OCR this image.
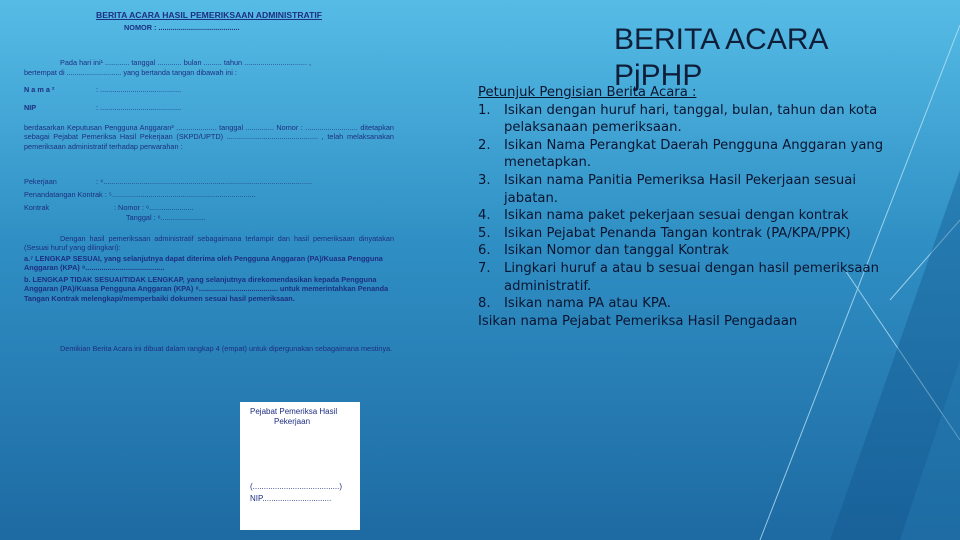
BERITA ACARA HASIL PEMERIKSAAN ADMINISTRATIF
NOMOR : ........................................
Pada hari ini¹ ............ tanggal ............ bulan ......... tahun ............................... ,
bertempat di ........................... yang bertanda tangan dibawah ini :
N a m a ²	: ........................................
NIP	: ........................................
berdasarkan Keputusan Pengguna Anggaran³ .................... tanggal .............. Nomor : .......................... ditetapkan sebagai Pejabat Pemeriksa Hasil Pekerjaan (SKPD/UPTD) ............................................. , telah melaksanakan pemeriksaan administratif terhadap perwarahan :
Pekerjaan	: ⁴.......................................................................................................
Penandatangan Kontrak : ⁵.......................................................................
Kontrak	: Nomor : ⁶......................
Tanggal : ⁶......................
Dengan hasil pemeriksaan administratif sebagaimana terlampir dan hasil pemeriksaan dinyatakan (Sesuai huruf yang dilingkari):
a.⁷ LENGKAP SESUAI, yang selanjutnya dapat diterima oleh Pengguna Anggaran (PA)/Kuasa Pengguna Anggaran (KPA) ⁸.......................................
b. LENGKAP TIDAK SESUAI/TIDAK LENGKAP, yang selanjutnya direkomendasikan kepada Pengguna Anggaran (PA)/Kuasa Pengguna Anggaran (KPA) ⁸....................................... untuk memerintahkan Penanda Tangan Kontrak melengkapi/memperbaiki dokumen sesuai hasil pemeriksaan.
Demikian Berita Acara ini dibuat dalam rangkap 4 (empat) untuk dipergunakan sebagaimana mestinya.
Pejabat Pemeriksa Hasil
Pekerjaan
(.......................................)
NIP...............................
BERITA ACARA
PjPHP
Petunjuk Pengisian Berita Acara :
1. Isikan dengan huruf hari, tanggal, bulan, tahun dan kota
pelaksanaan pemeriksaan.
2. Isikan Nama Perangkat Daerah Pengguna Anggaran yang
menetapkan.
3. Isikan nama Panitia Pemeriksa Hasil Pekerjaan sesuai
jabatan.
4. Isikan nama paket pekerjaan sesuai dengan kontrak
5. Isikan Pejabat Penanda Tangan kontrak (PA/KPA/PPK)
6. Isikan Nomor dan tanggal Kontrak
7. Lingkari huruf a atau b sesuai dengan hasil pemeriksaan
administratif.
8. Isikan nama PA atau KPA.
Isikan nama Pejabat Pemeriksa Hasil Pengadaan
